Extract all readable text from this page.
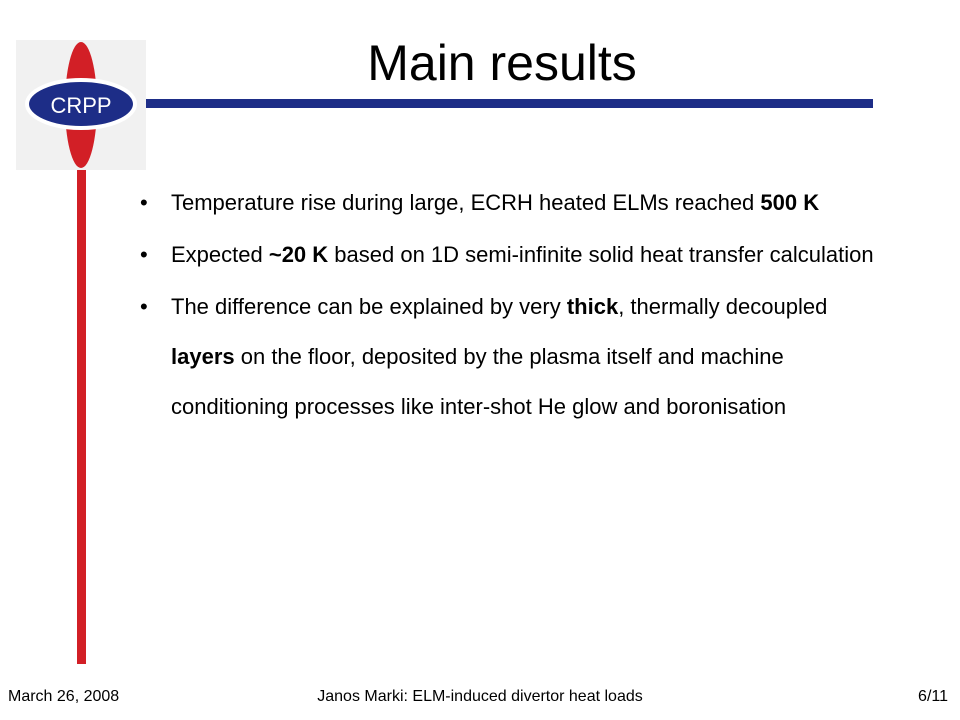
CRPP
Main results
• Temperature rise during large, ECRH heated ELMs reached 500 K
• Expected ~20 K based on 1D semi-infinite solid heat transfer calculation
• The difference can be explained by very thick, thermally decoupled layers on the floor, deposited by the plasma itself and machine conditioning processes like inter-shot He glow and boronisation
March 26, 2008	Janos Marki: ELM-induced divertor heat loads	6/11
